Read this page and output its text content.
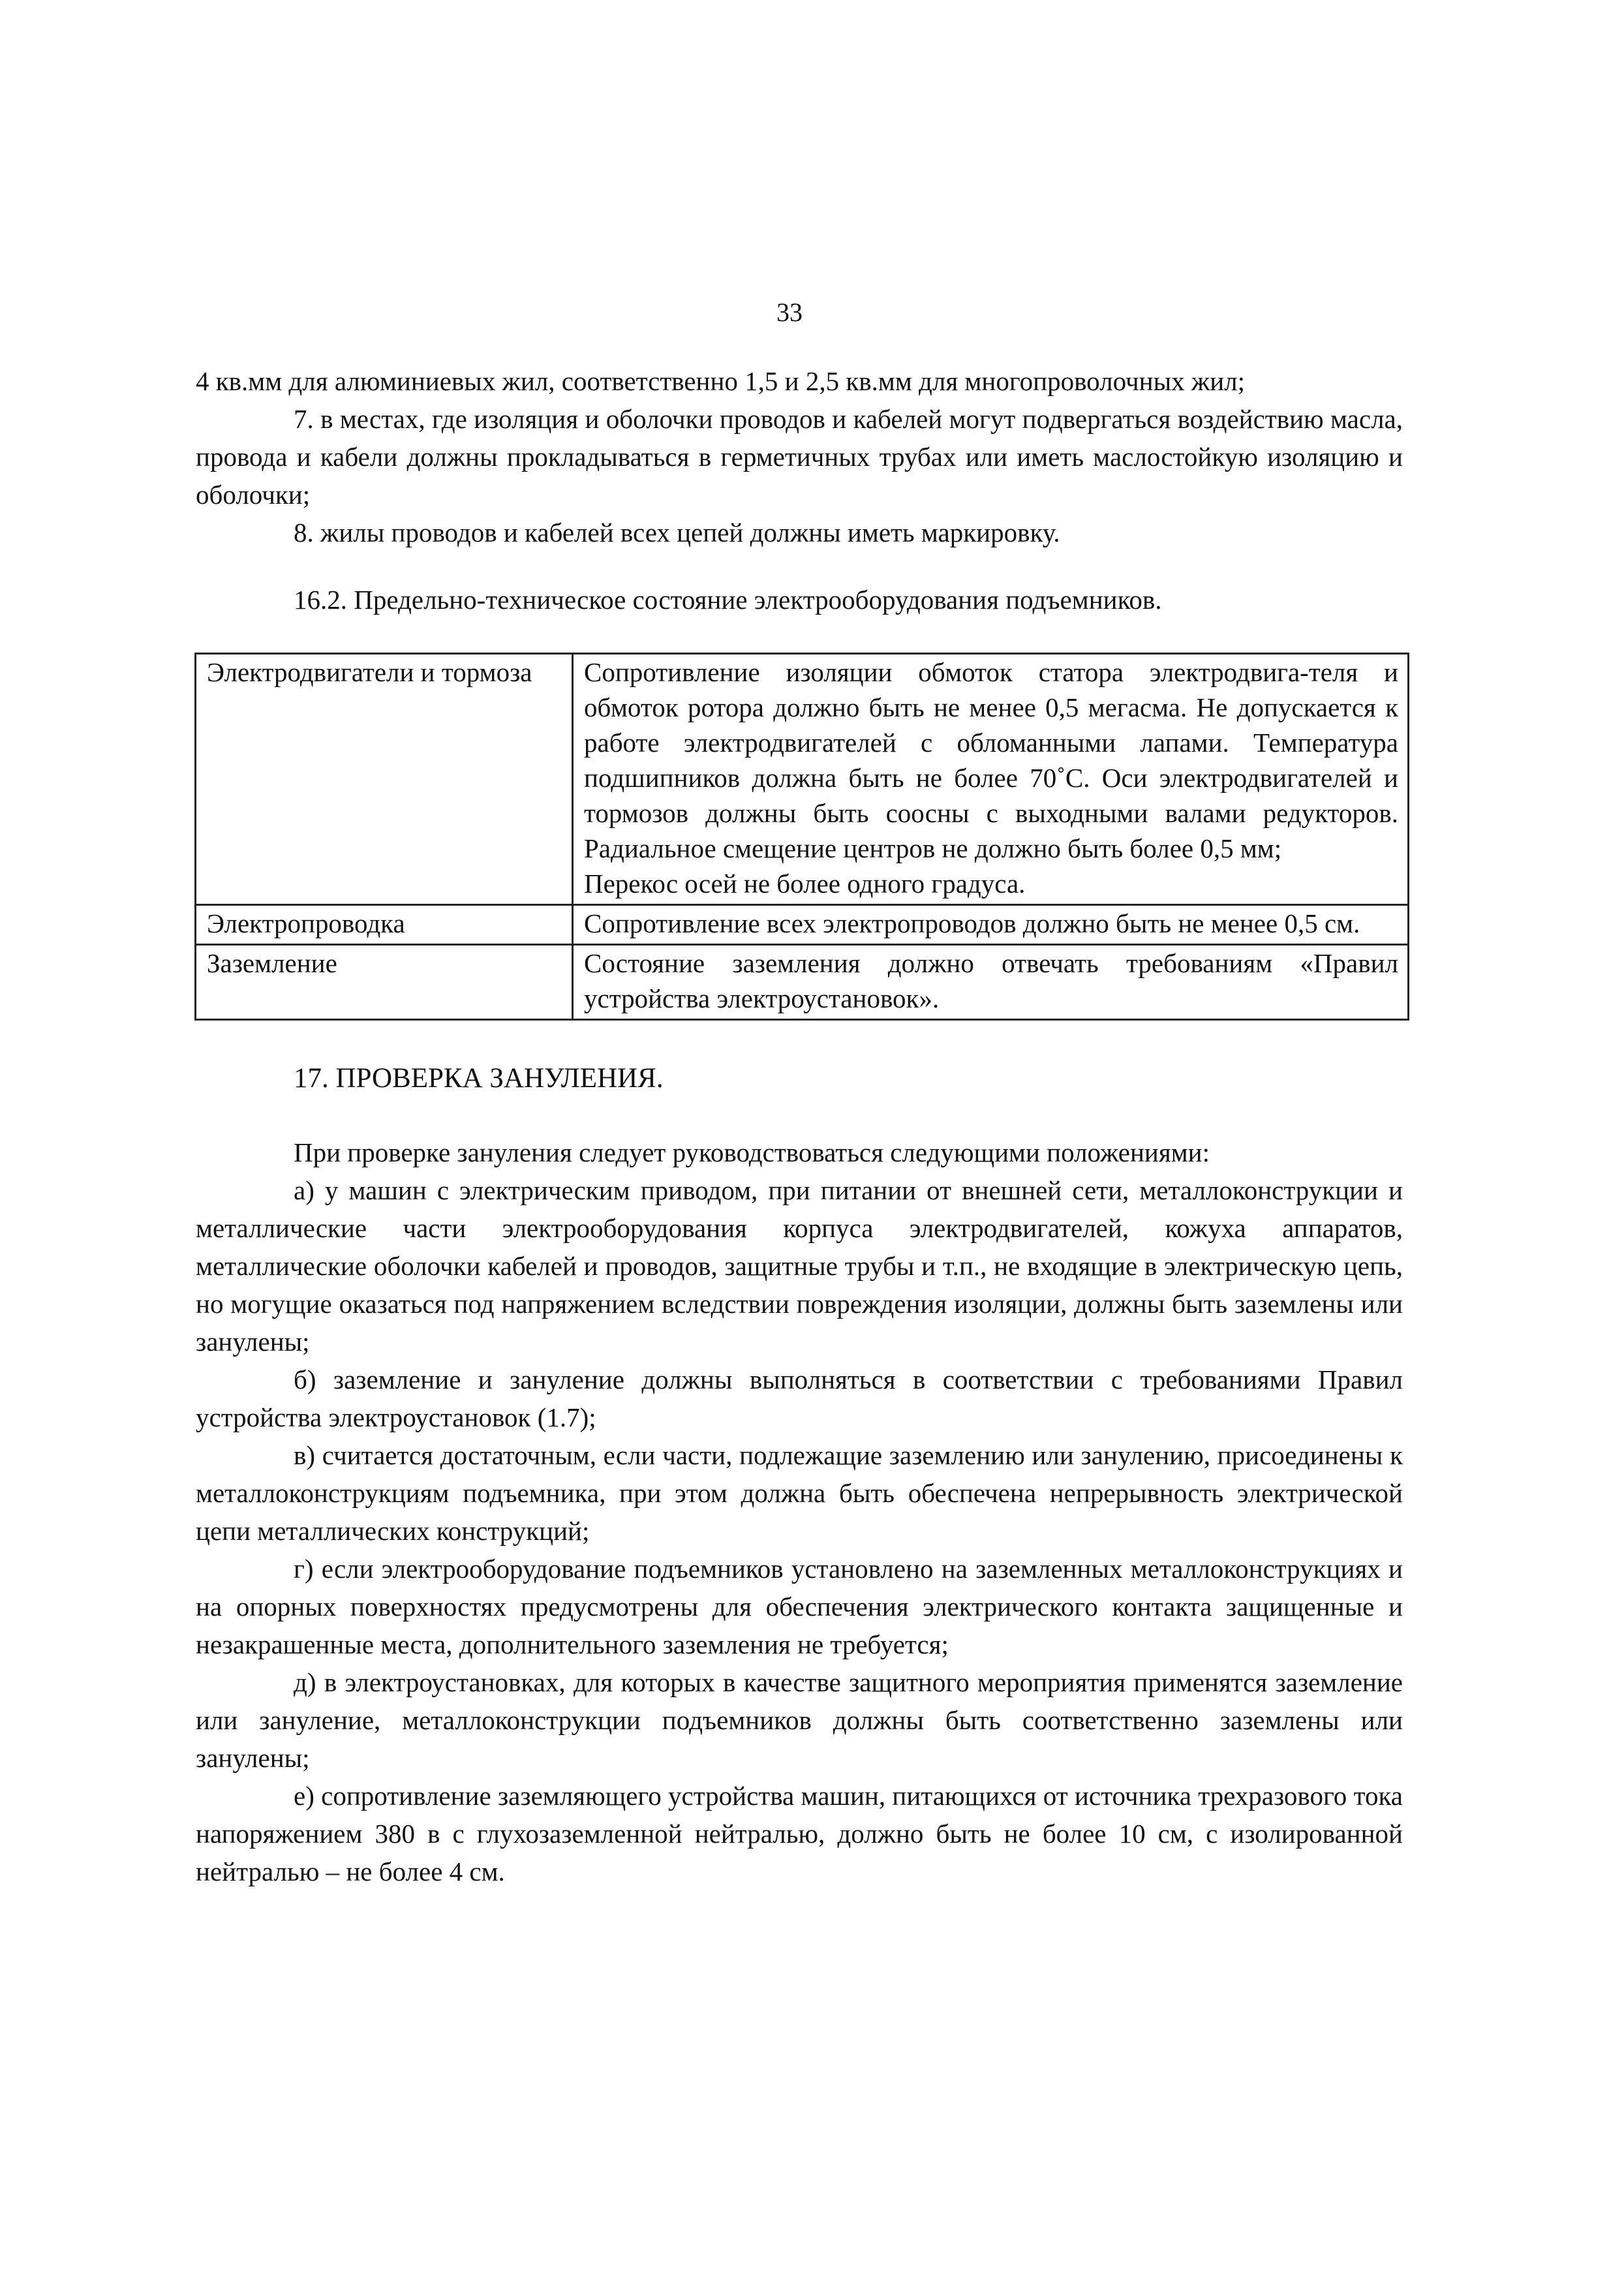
33

4 кв.мм для алюминиевых жил, соответственно 1,5 и 2,5 кв.мм для многопроволочных жил;

7. в местах, где изоляция и оболочки проводов и кабелей могут подвергаться воздействию масла, провода и кабели должны прокладываться в герметичных трубах или иметь маслостойкую изоляцию и оболочки;

8. жилы проводов и кабелей всех цепей должны иметь маркировку.

16.2. Предельно-техническое состояние электрооборудования подъемников.

Электродвигатели и тормоза	Сопротивление изоляции обмоток статора электродвига-теля и обмоток ротора должно быть не менее 0,5 мегасма. Не допускается к работе электродвигателей с обломанными лапами. Температура подшипников должна быть не более 70˚С. Оси электродвигателей и тормозов должны быть соосны с выходными валами редукторов. Радиальное смещение центров не должно быть более 0,5 мм;
Перекос осей не более одного градуса.

Электропроводка	Сопротивление всех электропроводов должно быть не менее 0,5 см.
Заземление	Состояние заземления должно отвечать требованиям «Правил устройства электроустановок».

17. ПРОВЕРКА ЗАНУЛЕНИЯ.

При проверке зануления следует руководствоваться следующими положениями:

а) у машин с электрическим приводом, при питании от внешней сети, металлоконструкции и металлические части электрооборудования корпуса электродвигателей, кожуха аппаратов, металлические оболочки кабелей и проводов, защитные трубы и т.п., не входящие в электрическую цепь, но могущие оказаться под напряжением вследствии повреждения изоляции, должны быть заземлены или занулены;

б) заземление и зануление должны выполняться в соответствии с требованиями Правил устройства электроустановок (1.7);

в) считается достаточным, если части, подлежащие заземлению или занулению, присоединены к металлоконструкциям подъемника, при этом должна быть обеспечена непрерывность электрической цепи металлических конструкций;

г) если электрооборудование подъемников установлено на заземленных металлоконструкциях и на опорных поверхностях предусмотрены для обеспечения электрического контакта защищенные и незакрашенные места, дополнительного заземления не требуется;

д) в электроустановках, для которых в качестве защитного мероприятия применятся заземление или зануление, металлоконструкции подъемников должны быть соответственно заземлены или занулены;

е) сопротивление заземляющего устройства машин, питающихся от источника трехразового тока напоряжением 380 в с глухозаземленной нейтралью, должно быть не более 10 см, с изолированной нейтралью – не более 4 см.
